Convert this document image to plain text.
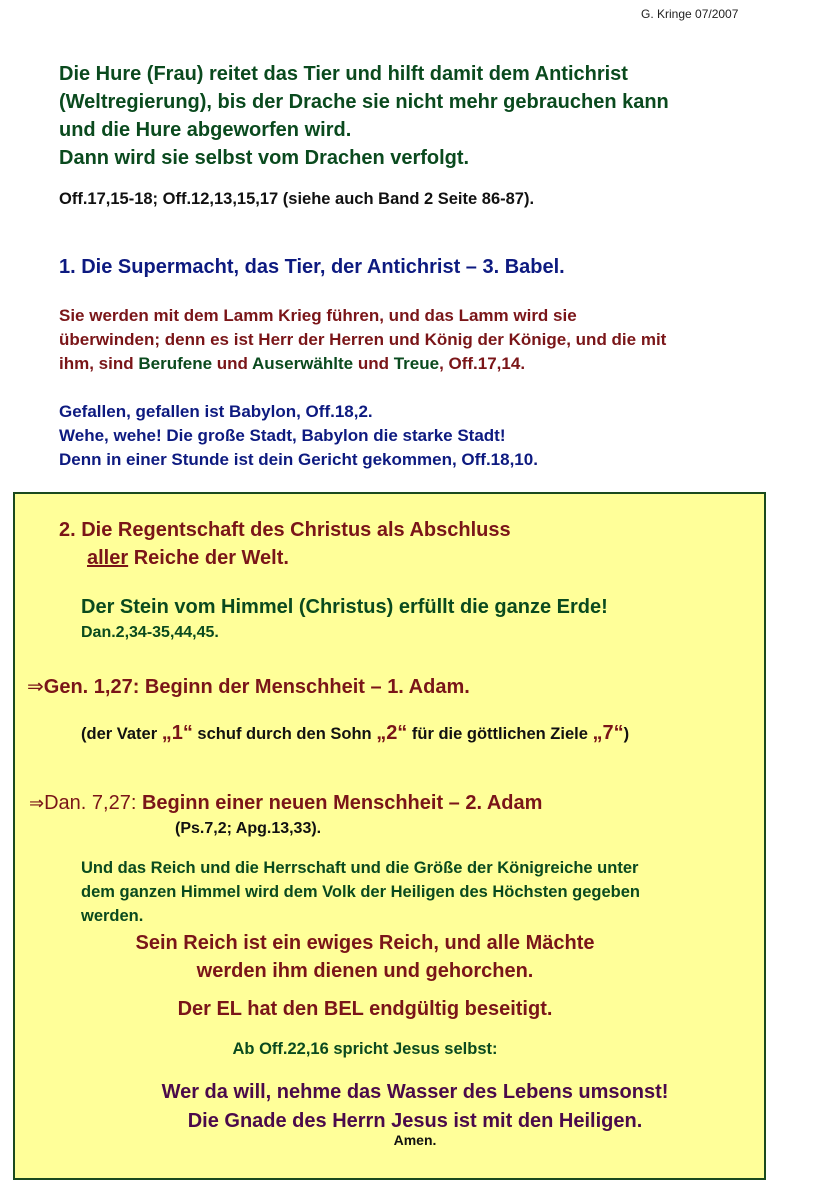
G. Kringe 07/2007
Die Hure (Frau) reitet das Tier und hilft damit dem Antichrist
(Weltregierung), bis der Drache sie nicht mehr gebrauchen kann
und die Hure abgeworfen wird.
Dann wird sie selbst vom Drachen verfolgt.
Off.17,15-18; Off.12,13,15,17 (siehe auch Band 2 Seite 86-87).
1. Die Supermacht, das Tier, der Antichrist – 3. Babel.
Sie werden mit dem Lamm Krieg führen, und das Lamm wird sie
überwinden; denn es ist Herr der Herren und König der Könige, und die mit
ihm, sind Berufene und Auserwählte und Treue, Off.17,14.
Gefallen, gefallen ist Babylon, Off.18,2.
Wehe, wehe! Die große Stadt, Babylon die starke Stadt!
Denn in einer Stunde ist dein Gericht gekommen, Off.18,10.
2. Die Regentschaft des Christus als Abschluss
aller Reiche der Welt.
Der Stein vom Himmel (Christus) erfüllt die ganze Erde!
Dan.2,34-35,44,45.
⇒Gen. 1,27: Beginn der Menschheit – 1. Adam.
(der Vater „1“ schuf durch den Sohn „2“ für die göttlichen Ziele „7“)
⇒Dan. 7,27: Beginn einer neuen Menschheit – 2. Adam
(Ps.7,2; Apg.13,33).
Und das Reich und die Herrschaft und die Größe der Königreiche unter
dem ganzen Himmel wird dem Volk der Heiligen des Höchsten gegeben
werden.
Sein Reich ist ein ewiges Reich, und alle Mächte
werden ihm dienen und gehorchen.
Der EL hat den BEL endgültig beseitigt.
Ab Off.22,16 spricht Jesus selbst:
Wer da will, nehme das Wasser des Lebens umsonst!
Die Gnade des Herrn Jesus ist mit den Heiligen.
Amen.
